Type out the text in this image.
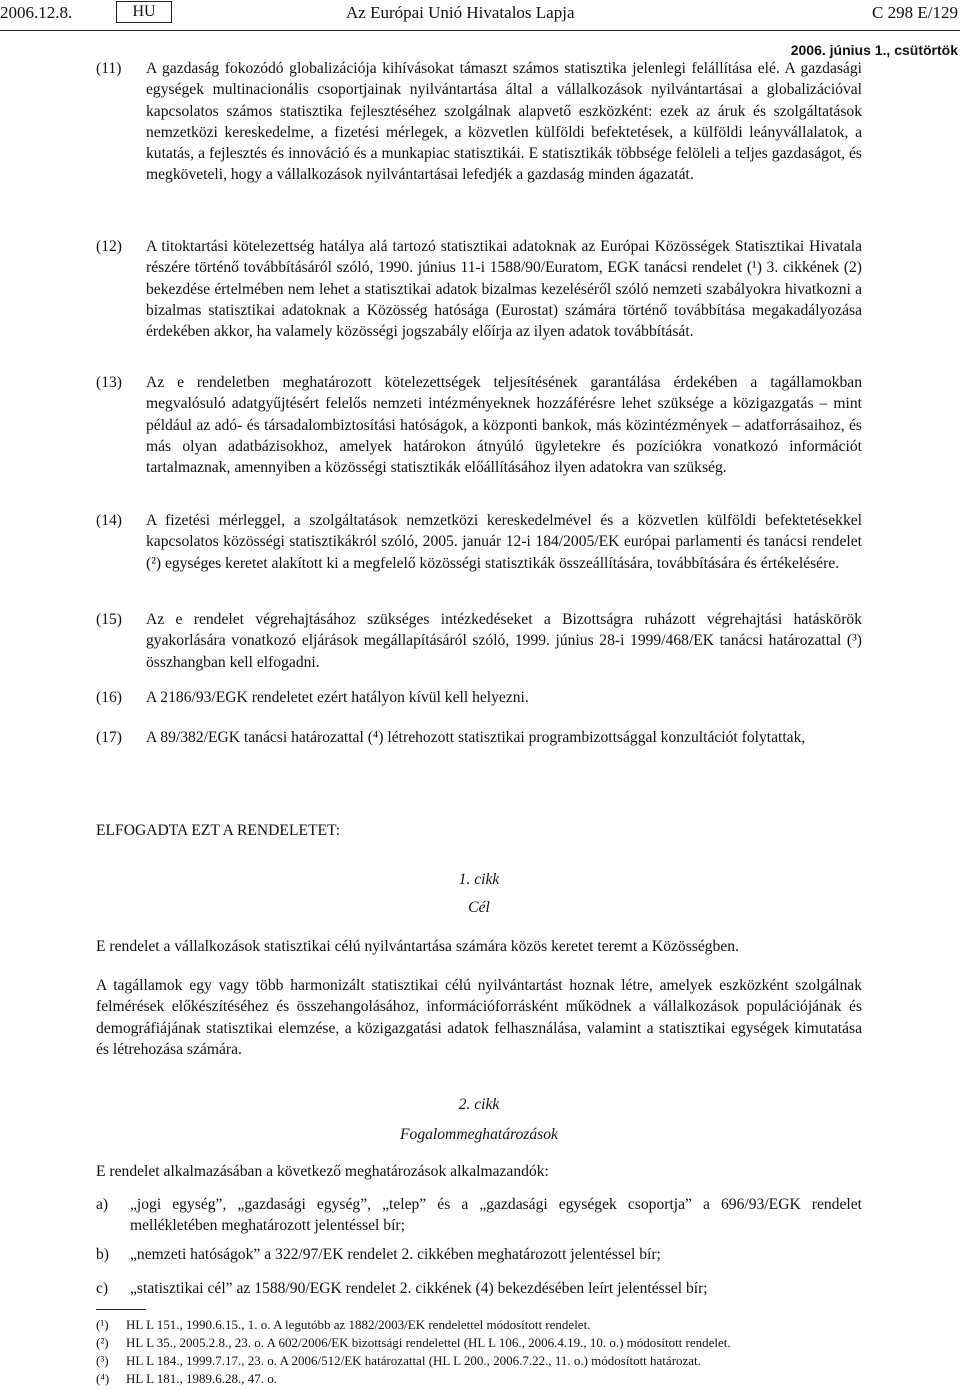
2006.12.8.	HU	Az Európai Unió Hivatalos Lapja	C 298 E/129
2006. június 1., csütörtök
(11)	A gazdaság fokozódó globalizációja kihívásokat támaszt számos statisztika jelenlegi felállítása elé. A gazdasági egységek multinacionális csoportjainak nyilvántartása által a vállalkozások nyilvántartásai a globalizációval kapcsolatos számos statisztika fejlesztéséhez szolgálnak alapvető eszközként: ezek az áruk és szolgáltatások nemzetközi kereskedelme, a fizetési mérlegek, a közvetlen külföldi befektetések, a külföldi leányvállalatok, a kutatás, a fejlesztés és innováció és a munkapiac statisztikái. E statisztikák többsége felöleli a teljes gazdaságot, és megköveteli, hogy a vállalkozások nyilvántartásai lefedjék a gazdaság minden ágazatát.

(12)	A titoktartási kötelezettség hatálya alá tartozó statisztikai adatoknak az Európai Közösségek Statisztikai Hivatala részére történő továbbításáról szóló, 1990. június 11-i 1588/90/Euratom, EGK tanácsi rendelet (¹) 3. cikkének (2) bekezdése értelmében nem lehet a statisztikai adatok bizalmas kezeléséről szóló nemzeti szabályokra hivatkozni a bizalmas statisztikai adatoknak a Közösség hatósága (Eurostat) számára történő továbbítása megakadályozása érdekében akkor, ha valamely közösségi jogszabály előírja az ilyen adatok továbbítását.

(13)	Az e rendeletben meghatározott kötelezettségek teljesítésének garantálása érdekében a tagállamokban megvalósuló adatgyűjtésért felelős nemzeti intézményeknek hozzáférésre lehet szüksége a közigazgatás – mint például az adó- és társadalombiztosítási hatóságok, a központi bankok, más közintézmények – adatforrásaihoz, és más olyan adatbázisokhoz, amelyek határokon átnyúló ügyletekre és pozíciókra vonatkozó információt tartalmaznak, amennyiben a közösségi statisztikák előállításához ilyen adatokra van szükség.

(14)	A fizetési mérleggel, a szolgáltatások nemzetközi kereskedelmével és a közvetlen külföldi befektetésekkel kapcsolatos közösségi statisztikákról szóló, 2005. január 12-i 184/2005/EK európai parlamenti és tanácsi rendelet (²) egységes keretet alakított ki a megfelelő közösségi statisztikák összeállítására, továbbítására és értékelésére.

(15)	Az e rendelet végrehajtásához szükséges intézkedéseket a Bizottságra ruházott végrehajtási hatáskörök gyakorlására vonatkozó eljárások megállapításáról szóló, 1999. június 28-i 1999/468/EK tanácsi határozattal (³) összhangban kell elfogadni.

(16)	A 2186/93/EGK rendeletet ezért hatályon kívül kell helyezni.

(17)	A 89/382/EGK tanácsi határozattal (⁴) létrehozott statisztikai programbizottsággal konzultációt folytattak,

ELFOGADTA EZT A RENDELETET:
1. cikk
Cél

E rendelet a vállalkozások statisztikai célú nyilvántartása számára közös keretet teremt a Közösségben.

A tagállamok egy vagy több harmonizált statisztikai célú nyilvántartást hoznak létre, amelyek eszközként szolgálnak felmérések előkészítéséhez és összehangolásához, információforrásként működnek a vállalkozások populációjának és demográfiájának statisztikai elemzése, a közigazgatási adatok felhasználása, valamint a statisztikai egységek kimutatása és létrehozása számára.

2. cikk
Fogalommeghatározások

E rendelet alkalmazásában a következő meghatározások alkalmazandók:

a) „jogi egység”, „gazdasági egység”, „telep” és a „gazdasági egységek csoportja” a 696/93/EGK rendelet mellékletében meghatározott jelentéssel bír;

b) „nemzeti hatóságok” a 322/97/EK rendelet 2. cikkében meghatározott jelentéssel bír;

c) „statisztikai cél” az 1588/90/EGK rendelet 2. cikkének (4) bekezdésében leírt jelentéssel bír;

(¹) HL L 151., 1990.6.15., 1. o. A legutóbb az 1882/2003/EK rendelettel módosított rendelet.
(²) HL L 35., 2005.2.8., 23. o. A 602/2006/EK bizottsági rendelettel (HL L 106., 2006.4.19., 10. o.) módosított rendelet.
(³) HL L 184., 1999.7.17., 23. o. A 2006/512/EK határozattal (HL L 200., 2006.7.22., 11. o.) módosított határozat.
(⁴) HL L 181., 1989.6.28., 47. o.
